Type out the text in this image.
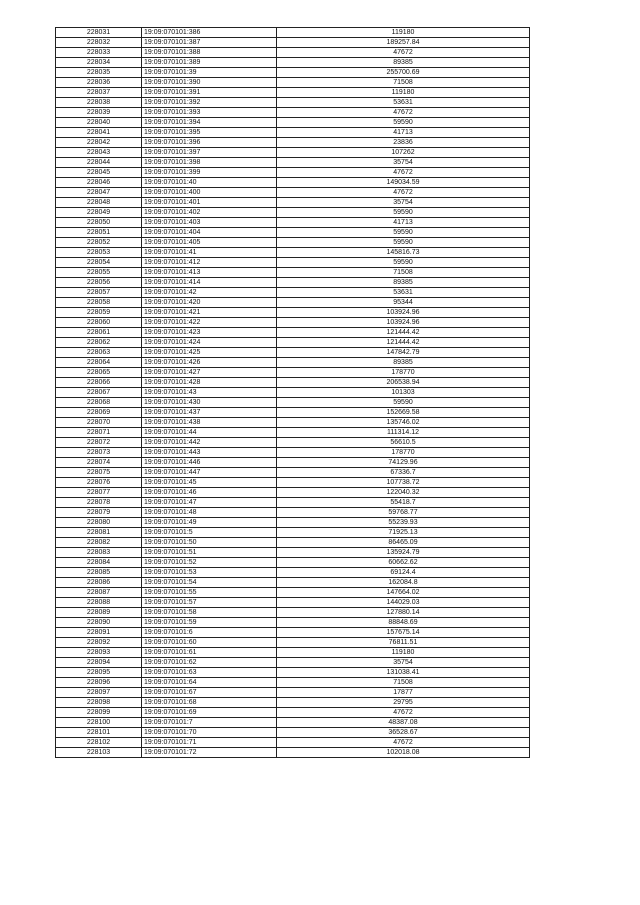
228031	19:09:070101:386	119180
228032	19:09:070101:387	189257.84
228033	19:09:070101:388	47672
228034	19:09:070101:389	89385
228035	19:09:070101:39	255700.69
228036	19:09:070101:390	71508
228037	19:09:070101:391	119180
228038	19:09:070101:392	53631
228039	19:09:070101:393	47672
228040	19:09:070101:394	59590
228041	19:09:070101:395	41713
228042	19:09:070101:396	23836
228043	19:09:070101:397	107262
228044	19:09:070101:398	35754
228045	19:09:070101:399	47672
228046	19:09:070101:40	149034.59
228047	19:09:070101:400	47672
228048	19:09:070101:401	35754
228049	19:09:070101:402	59590
228050	19:09:070101:403	41713
228051	19:09:070101:404	59590
228052	19:09:070101:405	59590
228053	19:09:070101:41	145816.73
228054	19:09:070101:412	59590
228055	19:09:070101:413	71508
228056	19:09:070101:414	89385
228057	19:09:070101:42	53631
228058	19:09:070101:420	95344
228059	19:09:070101:421	103924.96
228060	19:09:070101:422	103924.96
228061	19:09:070101:423	121444.42
228062	19:09:070101:424	121444.42
228063	19:09:070101:425	147842.79
228064	19:09:070101:426	89385
228065	19:09:070101:427	178770
228066	19:09:070101:428	206538.94
228067	19:09:070101:43	101303
228068	19:09:070101:430	59590
228069	19:09:070101:437	152669.58
228070	19:09:070101:438	135746.02
228071	19:09:070101:44	111314.12
228072	19:09:070101:442	56610.5
228073	19:09:070101:443	178770
228074	19:09:070101:446	74129.96
228075	19:09:070101:447	67336.7
228076	19:09:070101:45	107738.72
228077	19:09:070101:46	122040.32
228078	19:09:070101:47	55418.7
228079	19:09:070101:48	59768.77
228080	19:09:070101:49	55239.93
228081	19:09:070101:5	71925.13
228082	19:09:070101:50	86465.09
228083	19:09:070101:51	135924.79
228084	19:09:070101:52	60662.62
228085	19:09:070101:53	69124.4
228086	19:09:070101:54	162084.8
228087	19:09:070101:55	147664.02
228088	19:09:070101:57	144029.03
228089	19:09:070101:58	127880.14
228090	19:09:070101:59	88848.69
228091	19:09:070101:6	157675.14
228092	19:09:070101:60	76811.51
228093	19:09:070101:61	119180
228094	19:09:070101:62	35754
228095	19:09:070101:63	131038.41
228096	19:09:070101:64	71508
228097	19:09:070101:67	17877
228098	19:09:070101:68	29795
228099	19:09:070101:69	47672
228100	19:09:070101:7	48387.08
228101	19:09:070101:70	36528.67
228102	19:09:070101:71	47672
228103	19:09:070101:72	102018.08
